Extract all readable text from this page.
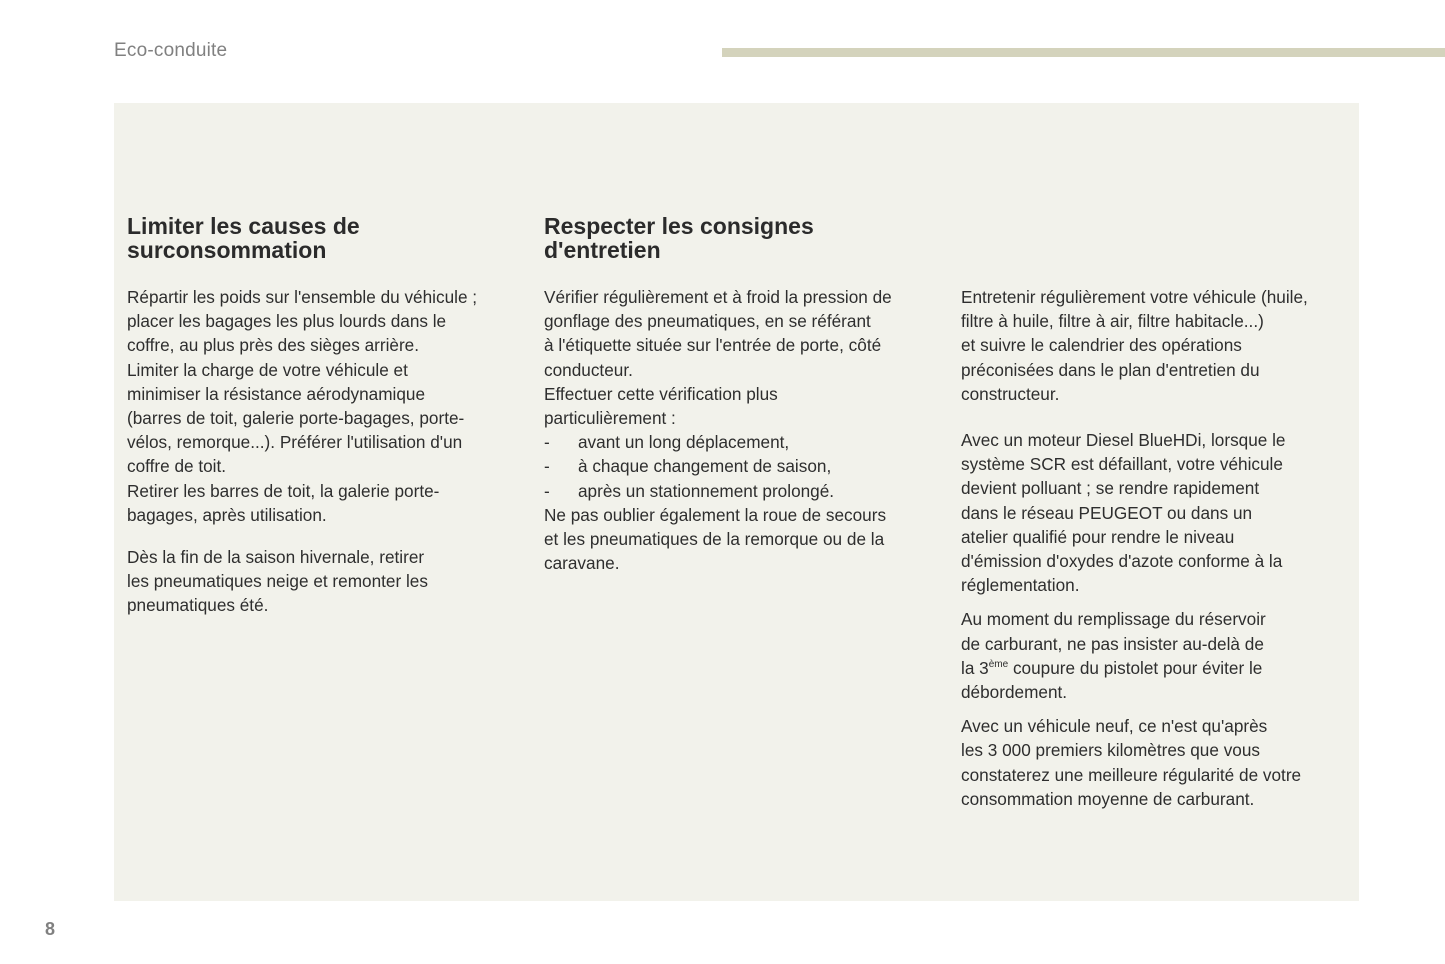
Eco-conduite
Limiter les causes de
surconsommation

Répartir les poids sur l'ensemble du véhicule ;

placer les bagages les plus lourds dans le

coffre, au plus près des sièges arrière.

Limiter la charge de votre véhicule et

minimiser la résistance aérodynamique

(barres de toit, galerie porte-bagages, porte-

vélos, remorque...). Préférer l'utilisation d'un

coffre de toit.

Retirer les barres de toit, la galerie porte-

bagages, après utilisation.

Dès la fin de la saison hivernale, retirer

les pneumatiques neige et remonter les

pneumatiques été.

Respecter les consignes
d'entretien

Vérifier régulièrement et à froid la pression de

gonflage des pneumatiques, en se référant

à l'étiquette située sur l'entrée de porte, côté

conducteur.

Effectuer cette vérification plus

particulièrement :

-	avant un long déplacement,
-	à chaque changement de saison,
-	après un stationnement prolongé.

Ne pas oublier également la roue de secours

et les pneumatiques de la remorque ou de la

caravane.

Entretenir régulièrement votre véhicule (huile,

filtre à huile, filtre à air, filtre habitacle...)

et suivre le calendrier des opérations

préconisées dans le plan d'entretien du

constructeur.

Avec un moteur Diesel BlueHDi, lorsque le

système SCR est défaillant, votre véhicule

devient polluant ; se rendre rapidement

dans le réseau PEUGEOT ou dans un

atelier qualifié pour rendre le niveau

d'émission d'oxydes d'azote conforme à la

réglementation.

Au moment du remplissage du réservoir

de carburant, ne pas insister au-delà de

la 3ème coupure du pistolet pour éviter le

débordement.

Avec un véhicule neuf, ce n'est qu'après

les 3 000 premiers kilomètres que vous

constaterez une meilleure régularité de votre

consommation moyenne de carburant.

8
